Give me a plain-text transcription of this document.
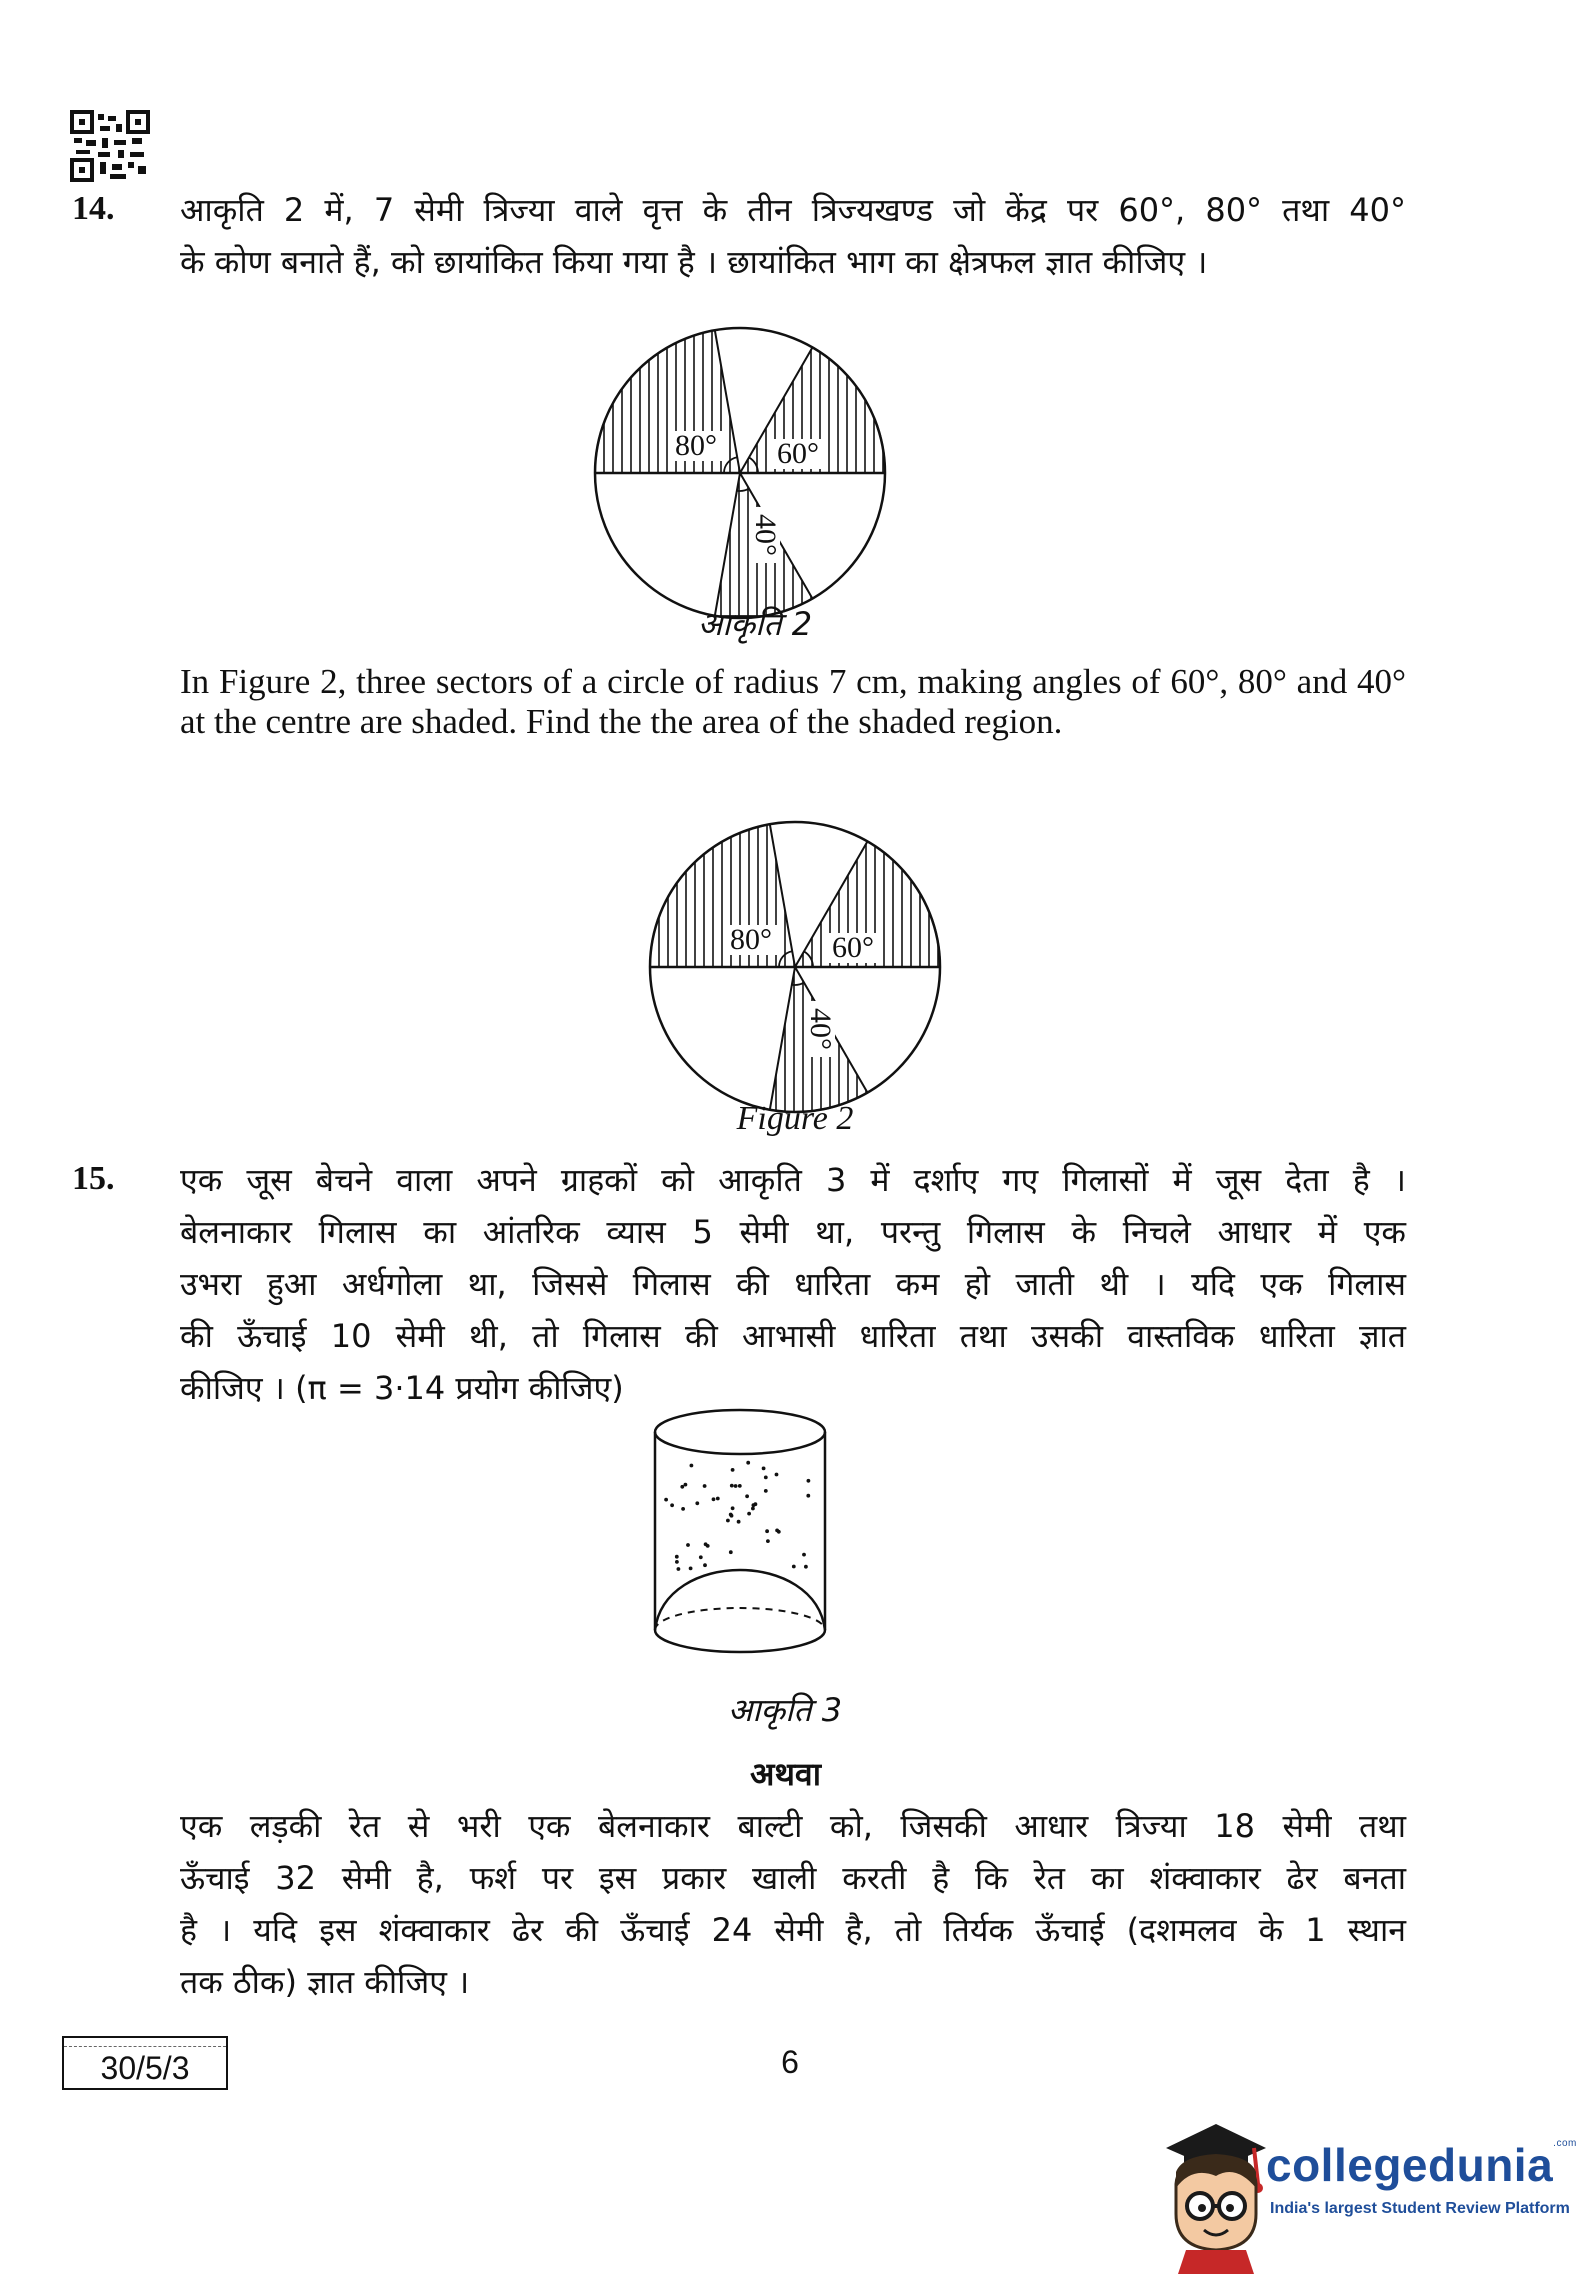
14. आकृति 2 में, 7 सेमी त्रिज्या वाले वृत्त के तीन त्रिज्यखण्ड जो केंद्र पर 60°, 80° तथा 40°
के कोण बनाते हैं, को छायांकित किया गया है । छायांकित भाग का क्षेत्रफल ज्ञात कीजिए ।
80° 60°
40°
आकृति 2
In Figure 2, three sectors of a circle of radius 7 cm, making angles of 60°, 80° and 40° at the centre are shaded. Find the the area of the shaded region.
80° 60°
40°
Figure 2
15. एक जूस बेचने वाला अपने ग्राहकों को आकृति 3 में दर्शाए गए गिलासों में जूस देता है ।
बेलनाकार गिलास का आंतरिक व्यास 5 सेमी था, परन्तु गिलास के निचले आधार में एक
उभरा हुआ अर्धगोला था, जिससे गिलास की धारिता कम हो जाती थी । यदि एक गिलास
की ऊँचाई 10 सेमी थी, तो गिलास की आभासी धारिता तथा उसकी वास्तविक धारिता ज्ञात
कीजिए । (π = 3·14 प्रयोग कीजिए)
आकृति 3
अथवा
एक लड़की रेत से भरी एक बेलनाकार बाल्टी को, जिसकी आधार त्रिज्या 18 सेमी तथा
ऊँचाई 32 सेमी है, फर्श पर इस प्रकार खाली करती है कि रेत का शंक्वाकार ढेर बनता
है । यदि इस शंक्वाकार ढेर की ऊँचाई 24 सेमी है, तो तिर्यक ऊँचाई (दशमलव के 1 स्थान
तक ठीक) ज्ञात कीजिए ।
30/5/3	6
collegedunia$^{.com}$
India's largest Student Review Platform
